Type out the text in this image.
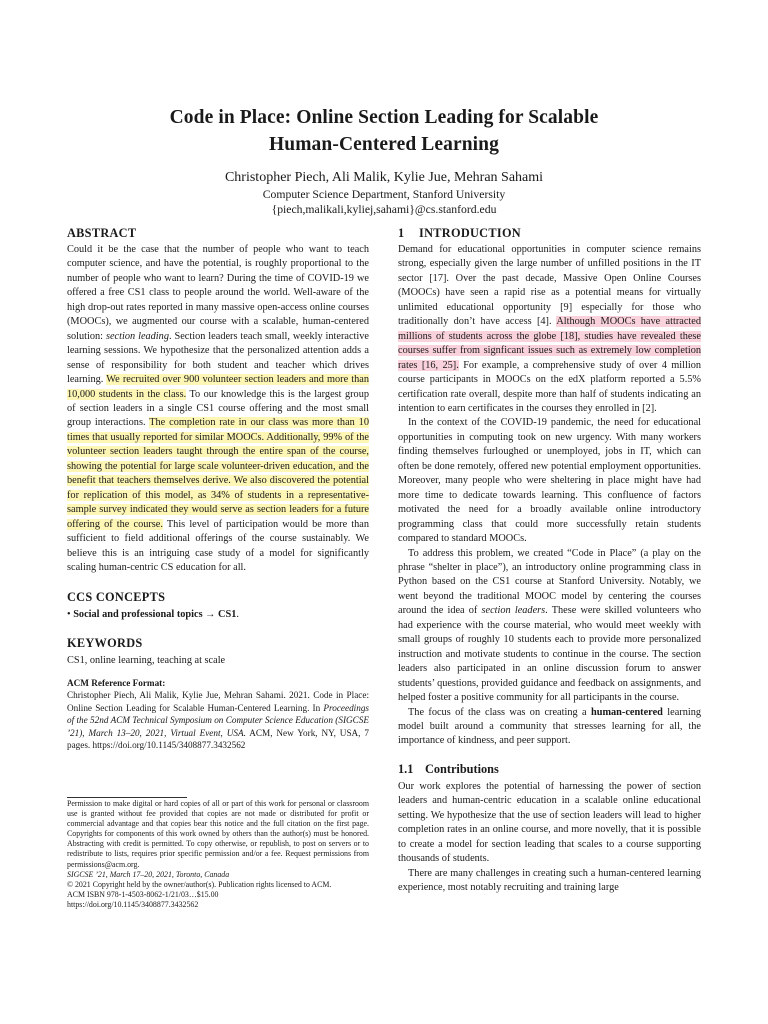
Code in Place: Online Section Leading for Scalable
Human-Centered Learning
Christopher Piech, Ali Malik, Kylie Jue, Mehran Sahami
Computer Science Department, Stanford University
{piech,malikali,kyliej,sahami}@cs.stanford.edu
ABSTRACT

Could it be the case that the number of people who want to teach computer science, and have the potential, is roughly proportional to the number of people who want to learn? During the time of COVID-19 we offered a free CS1 class to people around the world. Well-aware of the high drop-out rates reported in many massive open-access online courses (MOOCs), we augmented our course with a scalable, human-centered solution: section leading. Section leaders teach small, weekly interactive learning sessions. We hypothesize that the personalized attention adds a sense of responsibility for both student and teacher which drives learning. We recruited over 900 volunteer section leaders and more than 10,000 students in the class. To our knowledge this is the largest group of section leaders in a single CS1 course offering and the most small group interactions. The completion rate in our class was more than 10 times that usually reported for similar MOOCs. Additionally, 99% of the volunteer section leaders taught through the entire span of the course, showing the potential for large scale volunteer-driven education, and the benefit that teachers themselves derive. We also discovered the potential for replication of this model, as 34% of students in a representative-sample survey indicated they would serve as section leaders for a future offering of the course. This level of participation would be more than sufficient to field additional offerings of the course sustainably. We believe this is an intriguing case study of a model for significantly scaling human-centric CS education for all.

CCS CONCEPTS

• Social and professional topics → CS1.

KEYWORDS

CS1, online learning, teaching at scale

ACM Reference Format:

Christopher Piech, Ali Malik, Kylie Jue, Mehran Sahami. 2021. Code in Place: Online Section Leading for Scalable Human-Centered Learning. In Proceedings of the 52nd ACM Technical Symposium on Computer Science Education (SIGCSE ’21), March 13–20, 2021, Virtual Event, USA. ACM, New York, NY, USA, 7 pages. https://doi.org/10.1145/3408877.3432562

Permission to make digital or hard copies of all or part of this work for personal or classroom use is granted without fee provided that copies are not made or distributed for profit or commercial advantage and that copies bear this notice and the full citation on the first page. Copyrights for components of this work owned by others than the author(s) must be honored. Abstracting with credit is permitted. To copy otherwise, or republish, to post on servers or to redistribute to lists, requires prior specific permission and/or a fee. Request permissions from permissions@acm.org.

SIGCSE ’21, March 17–20, 2021, Toronto, Canada

© 2021 Copyright held by the owner/author(s). Publication rights licensed to ACM.

ACM ISBN 978-1-4503-8062-1/21/03…$15.00

https://doi.org/10.1145/3408877.3432562

1 INTRODUCTION

Demand for educational opportunities in computer science remains strong, especially given the large number of unfilled positions in the IT sector [17]. Over the past decade, Massive Open Online Courses (MOOCs) have seen a rapid rise as a potential means for virtually unlimited educational opportunity [9] especially for those who traditionally don’t have access [4]. Although MOOCs have attracted millions of students across the globe [18], studies have revealed these courses suffer from signficant issues such as extremely low completion rates [16, 25]. For example, a comprehensive study of over 4 million course participants in MOOCs on the edX platform reported a 5.5% certification rate overall, despite more than half of students indicating an intention to earn certificates in the courses they enrolled in [2].

In the context of the COVID-19 pandemic, the need for educational opportunities in computing took on new urgency. With many workers finding themselves furloughed or unemployed, jobs in IT, which can often be done remotely, offered new potential employment opportunities. Moreover, many people who were sheltering in place might have had more time to dedicate towards learning. This confluence of factors motivated the need for a broadly available online introductory programming class that could more successfully retain students compared to standard MOOCs.

To address this problem, we created “Code in Place” (a play on the phrase “shelter in place”), an introductory online programming class in Python based on the CS1 course at Stanford University. Notably, we went beyond the traditional MOOC model by centering the courses around the idea of section leaders. These were skilled volunteers who had experience with the course material, who would meet weekly with small groups of roughly 10 students each to provide more personalized instruction and motivate students to continue in the course. The section leaders also participated in an online discussion forum to answer students’ questions, provided guidance and feedback on assignments, and helped foster a positive community for all participants in the course.

The focus of the class was on creating a human-centered learning model built around a community that stresses learning for all, the importance of kindness, and peer support.

1.1 Contributions

Our work explores the potential of harnessing the power of section leaders and human-centric education in a scalable online educational setting. We hypothesize that the use of section leaders will lead to higher completion rates in an online course, and more novelly, that it is possible to create a model for section leading that scales to a course supporting thousands of students.

There are many challenges in creating such a human-centered learning experience, most notably recruiting and training large
